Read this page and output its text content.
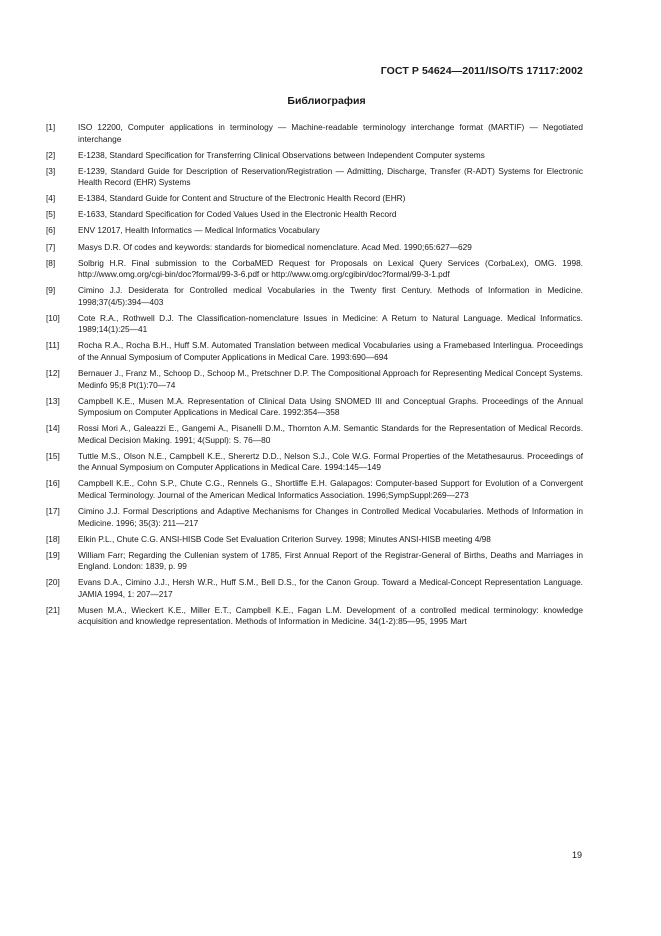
ГОСТ Р 54624—2011/ISO/TS 17117:2002
Библиография
[1]	ISO 12200, Computer applications in terminology — Machine-readable terminology interchange format (MARTIF) — Negotiated interchange
[2]	E-1238, Standard Specification for Transferring Clinical Observations between Independent Computer systems
[3]	E-1239, Standard Guide for Description of Reservation/Registration — Admitting, Discharge, Transfer (R-ADT) Systems for Electronic Health Record (EHR) Systems
[4]	E-1384, Standard Guide for Content and Structure of the Electronic Health Record (EHR)
[5]	E-1633, Standard Specification for Coded Values Used in the Electronic Health Record
[6]	ENV 12017, Health Informatics — Medical Informatics Vocabulary
[7]	Masys D.R. Of codes and keywords: standards for biomedical nomenclature. Acad Med. 1990;65:627—629
[8]	Solbrig H.R. Final submission to the CorbaMED Request for Proposals on Lexical Query Services (CorbaLex), OMG. 1998. http://www.omg.org/cgi-bin/doc?formal/99-3-6.pdf or http://www.omg.org/cgibin/doc?formal/99-3-1.pdf
[9]	Cimino J.J. Desiderata for Controlled medical Vocabularies in the Twenty first Century. Methods of Information in Medicine. 1998;37(4/5):394—403
[10]	Cote R.A., Rothwell D.J. The Classification-nomenclature Issues in Medicine: A Return to Natural Language. Medical Informatics. 1989;14(1):25—41
[11]	Rocha R.A., Rocha B.H., Huff S.M. Automated Translation between medical Vocabularies using a Framebased Interlingua. Proceedings of the Annual Symposium of Computer Applications in Medical Care. 1993:690—694
[12]	Bernauer J., Franz M., Schoop D., Schoop M., Pretschner D.P. The Compositional Approach for Representing Medical Concept Systems. Medinfo 95;8 Pt(1):70—74
[13]	Campbell K.E., Musen M.A. Representation of Clinical Data Using SNOMED III and Conceptual Graphs. Proceedings of the Annual Symposium on Computer Applications in Medical Care. 1992:354—358
[14]	Rossi Mori A., Galeazzi E., Gangemi A., Pisanelli D.M., Thornton A.M. Semantic Standards for the Representation of Medical Records. Medical Decision Making. 1991; 4(Suppl): S. 76—80
[15]	Tuttle M.S., Olson N.E., Campbell K.E., Sherertz D.D., Nelson S.J., Cole W.G. Formal Properties of the Metathesaurus. Proceedings of the Annual Symposium on Computer Applications in Medical Care. 1994:145—149
[16]	Campbell K.E., Cohn S.P., Chute C.G., Rennels G., Shortliffe E.H. Galapagos: Computer-based Support for Evolution of a Convergent Medical Terminology. Journal of the American Medical Informatics Association. 1996;SympSuppl:269—273
[17]	Cimino J.J. Formal Descriptions and Adaptive Mechanisms for Changes in Controlled Medical Vocabularies. Methods of Information in Medicine. 1996; 35(3): 211—217
[18]	Elkin P.L., Chute C.G. ANSI-HISB Code Set Evaluation Criterion Survey. 1998; Minutes ANSI-HISB meeting 4/98
[19]	William Farr; Regarding the Cullenian system of 1785, First Annual Report of the Registrar-General of Births, Deaths and Marriages in England. London: 1839, p. 99
[20]	Evans D.A., Cimino J.J., Hersh W.R., Huff S.M., Bell D.S., for the Canon Group. Toward a Medical-Concept Representation Language. JAMIA 1994, 1: 207—217
[21]	Musen M.A., Wieckert K.E., Miller E.T., Campbell K.E., Fagan L.M. Development of a controlled medical terminology: knowledge acquisition and knowledge representation. Methods of Information in Medicine. 34(1-2):85—95, 1995 Mart
19
